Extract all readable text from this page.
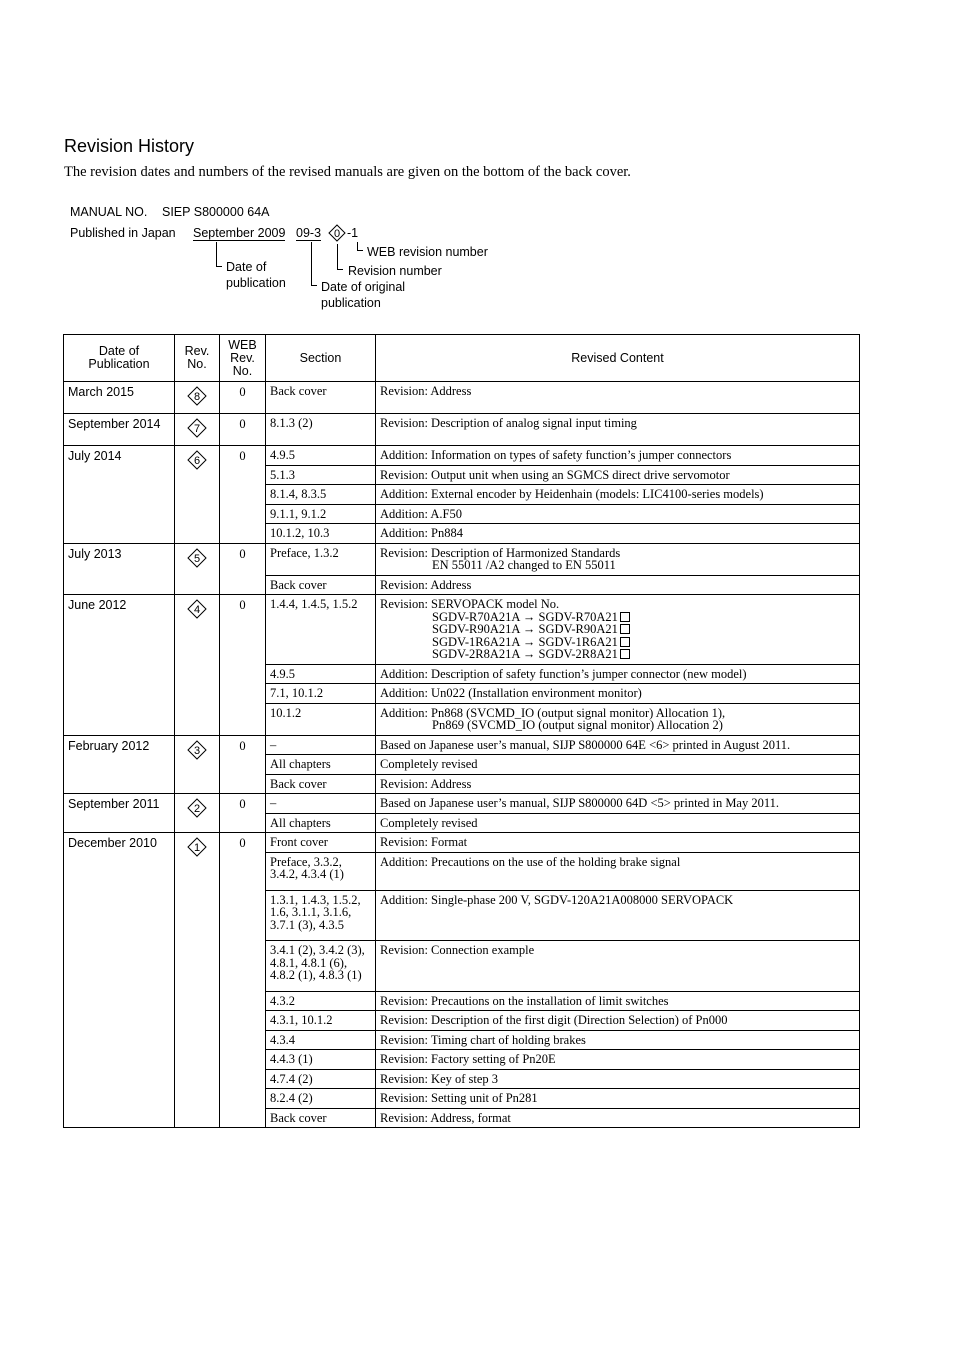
Revision History
The revision dates and numbers of the revised manuals are given on the bottom of the back cover.
MANUAL NO. SIEP S800000 64A
Published in Japan September 2009 09-3 0 -1
WEB revision number
Revision number
Date of original
publication
Date of
publication
Date of Publication	Rev. No.	WEB Rev. No.	Section	Revised Content
March 2015	8	0	Back cover	Revision: Address

September 2014	7	0	8.1.3 (2)	Revision: Description of analog signal input timing

July 2014	6	0	4.9.5	Addition: Information on types of safety function’s jumper connectors

			5.1.3	Revision: Output unit when using an SGMCS direct drive servomotor

			8.1.4, 8.3.5	Addition: External encoder by Heidenhain (models: LIC4100-series models)

			9.1.1, 9.1.2	Addition: A.F50

			10.1.2, 10.3	Addition: Pn884

July 2013	5	0	Preface, 1.3.2	Revision: Description of Harmonized Standards
EN 55011 /A2 changed to EN 55011

			Back cover	Revision: Address

June 2012	4	0	1.4.4, 1.4.5, 1.5.2	Revision: SERVOPACK model No.
SGDV-R70A21A → SGDV-R70A21
SGDV-R90A21A → SGDV-R90A21
SGDV-1R6A21A → SGDV-1R6A21
SGDV-2R8A21A → SGDV-2R8A21

			4.9.5	Addition: Description of safety function’s jumper connector (new model)

			7.1, 10.1.2	Addition: Un022 (Installation environment monitor)

			10.1.2	Addition: Pn868 (SVCMD_IO (output signal monitor) Allocation 1),
Pn869 (SVCMD_IO (output signal monitor) Allocation 2)

February 2012	3	0	–	Based on Japanese user’s manual, SIJP S800000 64E <6> printed in August 2011.

			All chapters	Completely revised

			Back cover	Revision: Address

September 2011	2	0	–	Based on Japanese user’s manual, SIJP S800000 64D <5> printed in May 2011.

			All chapters	Completely revised

December 2010	1	0	Front cover	Revision: Format

			Preface, 3.3.2,
3.4.2, 4.3.4 (1)	Addition: Precautions on the use of the holding brake signal

			1.3.1, 1.4.3, 1.5.2,
1.6, 3.1.1, 3.1.6,
3.7.1 (3), 4.3.5	Addition: Single-phase 200 V, SGDV-120A21A008000 SERVOPACK

			3.4.1 (2), 3.4.2 (3),
4.8.1, 4.8.1 (6),
4.8.2 (1), 4.8.3 (1)	Revision: Connection example

			4.3.2	Revision: Precautions on the installation of limit switches

			4.3.1, 10.1.2	Revision: Description of the first digit (Direction Selection) of Pn000

			4.3.4	Revision: Timing chart of holding brakes

			4.4.3 (1)	Revision: Factory setting of Pn20E

			4.7.4 (2)	Revision: Key of step 3

			8.2.4 (2)	Revision: Setting unit of Pn281

			Back cover	Revision: Address, format
